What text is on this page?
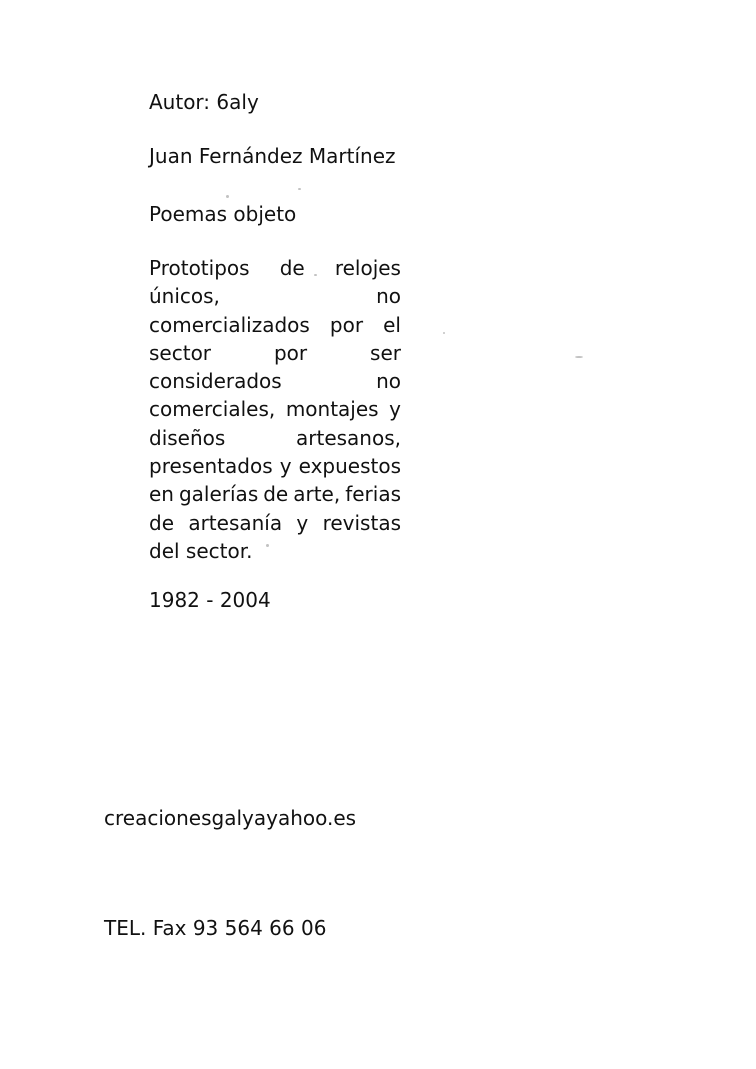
Autor: 6aly

Juan Fernández Martínez

Poemas objeto

Prototipos de relojes
únicos,	no
comercializados por el
sector	por	ser
considerados	no
comerciales, montajes y
diseños	artesanos,
presentados y expuestos
en galerías de arte, ferias
de artesanía y revistas
del sector.

1982 - 2004

creacionesgalyayahoo.es

TEL. Fax 93 564 66 06
